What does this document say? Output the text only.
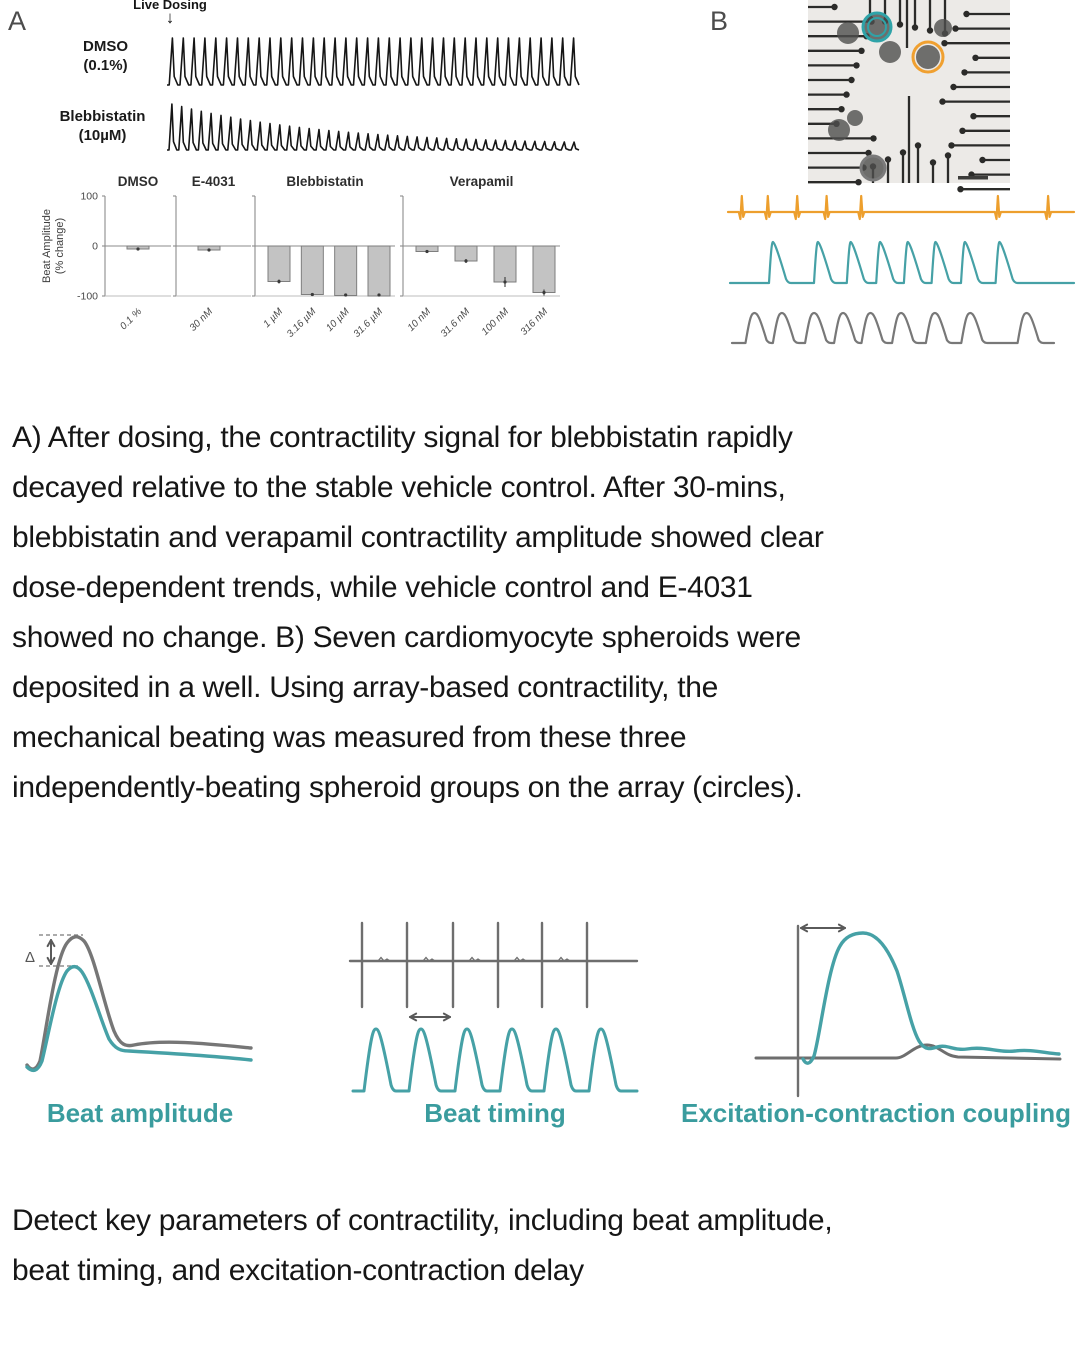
A
Live Dosing
↓
DMSO
(0.1%)
Blebbistatin
(10µM)
Beat Amplitude (% change)
100
0
-100
DMSO
0.1 %
E-4031
30 nM
Blebbistatin
1 µM 3.16 µM 10 µM 31.6 µM
Verapamil
10 nM 31.6 nM 100 nM 316 nM
B
A) After dosing, the contractility signal for blebbistatin rapidly
decayed relative to the stable vehicle control. After 30-mins,
blebbistatin and verapamil contractility amplitude showed clear
dose-dependent trends, while vehicle control and E-4031
showed no change. B) Seven cardiomyocyte spheroids were
deposited in a well. Using array-based contractility, the
mechanical beating was measured from these three
independently-beating spheroid groups on the array (circles).
Δ
Beat amplitude	Beat timing	Excitation-contraction coupling
Detect key parameters of contractility, including beat amplitude,
beat timing, and excitation-contraction delay
